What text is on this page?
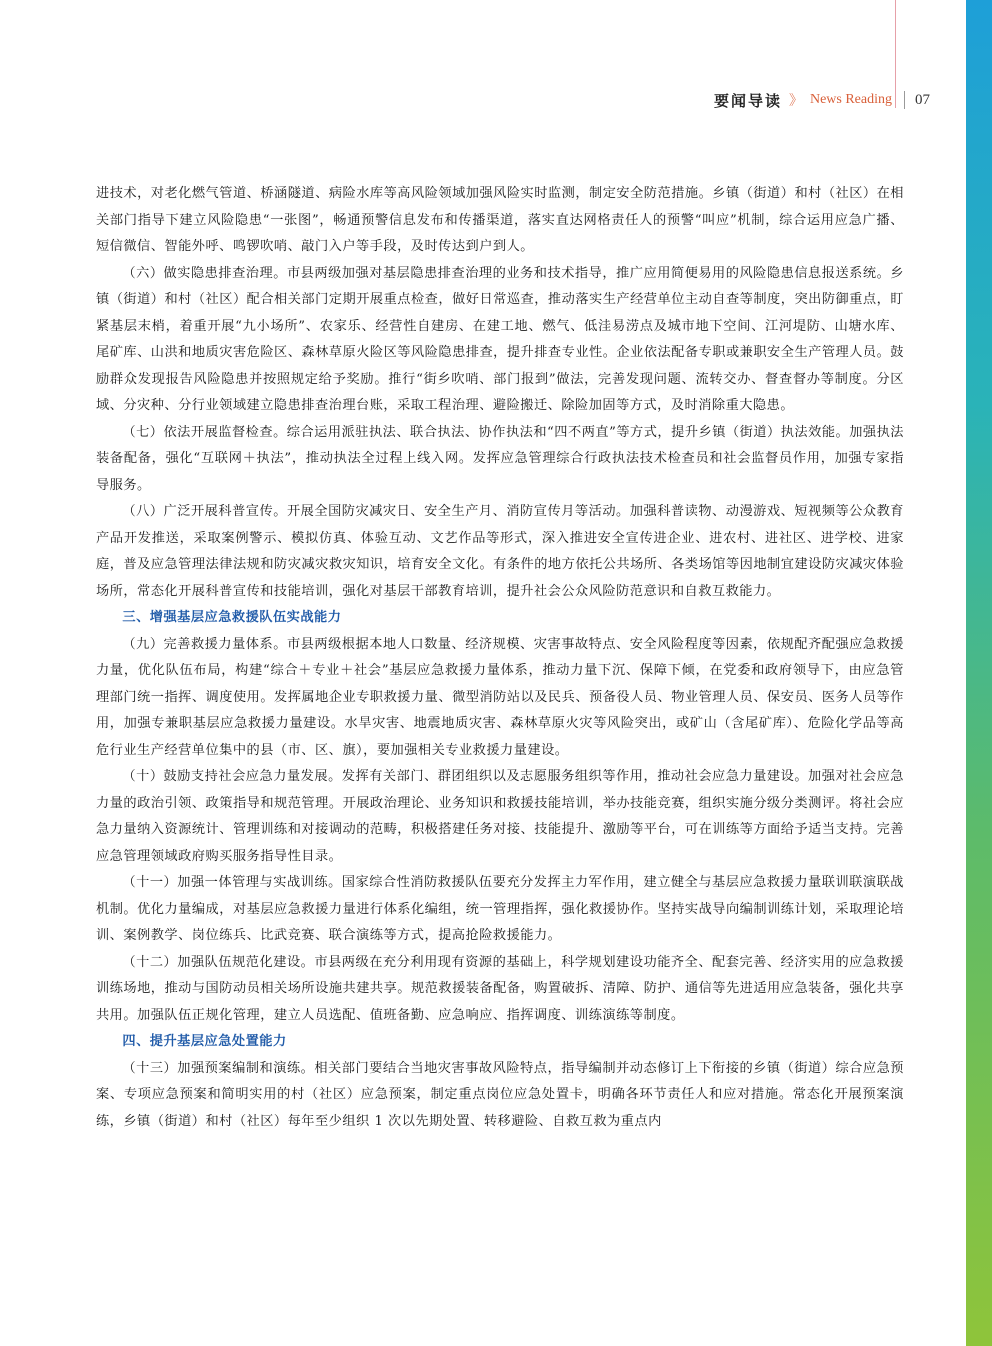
要闻导读 》 News Reading 07

进技术，对老化燃气管道、桥涵隧道、病险水库等高风险领域加强风险实时监测，制定安全防范措施。乡镇（街道）和村（社区）在相关部门指导下建立风险隐患“一张图”，畅通预警信息发布和传播渠道，落实直达网格责任人的预警“叫应”机制，综合运用应急广播、短信微信、智能外呼、鸣锣吹哨、敲门入户等手段，及时传达到户到人。

（六）做实隐患排查治理。市县两级加强对基层隐患排查治理的业务和技术指导，推广应用简便易用的风险隐患信息报送系统。乡镇（街道）和村（社区）配合相关部门定期开展重点检查，做好日常巡查，推动落实生产经营单位主动自查等制度，突出防御重点，盯紧基层末梢，着重开展“九小场所”、农家乐、经营性自建房、在建工地、燃气、低洼易涝点及城市地下空间、江河堤防、山塘水库、尾矿库、山洪和地质灾害危险区、森林草原火险区等风险隐患排查，提升排查专业性。企业依法配备专职或兼职安全生产管理人员。鼓励群众发现报告风险隐患并按照规定给予奖励。推行“街乡吹哨、部门报到”做法，完善发现问题、流转交办、督查督办等制度。分区域、分灾种、分行业领域建立隐患排查治理台账，采取工程治理、避险搬迁、除险加固等方式，及时消除重大隐患。

（七）依法开展监督检查。综合运用派驻执法、联合执法、协作执法和“四不两直”等方式，提升乡镇（街道）执法效能。加强执法装备配备，强化“互联网＋执法”，推动执法全过程上线入网。发挥应急管理综合行政执法技术检查员和社会监督员作用，加强专家指导服务。

（八）广泛开展科普宣传。开展全国防灾减灾日、安全生产月、消防宣传月等活动。加强科普读物、动漫游戏、短视频等公众教育产品开发推送，采取案例警示、模拟仿真、体验互动、文艺作品等形式，深入推进安全宣传进企业、进农村、进社区、进学校、进家庭，普及应急管理法律法规和防灾减灾救灾知识，培育安全文化。有条件的地方依托公共场所、各类场馆等因地制宜建设防灾减灾体验场所，常态化开展科普宣传和技能培训，强化对基层干部教育培训，提升社会公众风险防范意识和自救互救能力。

三、增强基层应急救援队伍实战能力

（九）完善救援力量体系。市县两级根据本地人口数量、经济规模、灾害事故特点、安全风险程度等因素，依规配齐配强应急救援力量，优化队伍布局，构建“综合＋专业＋社会”基层应急救援力量体系，推动力量下沉、保障下倾，在党委和政府领导下，由应急管理部门统一指挥、调度使用。发挥属地企业专职救援力量、微型消防站以及民兵、预备役人员、物业管理人员、保安员、医务人员等作用，加强专兼职基层应急救援力量建设。水旱灾害、地震地质灾害、森林草原火灾等风险突出，或矿山（含尾矿库）、危险化学品等高危行业生产经营单位集中的县（市、区、旗），要加强相关专业救援力量建设。

（十）鼓励支持社会应急力量发展。发挥有关部门、群团组织以及志愿服务组织等作用，推动社会应急力量建设。加强对社会应急力量的政治引领、政策指导和规范管理。开展政治理论、业务知识和救援技能培训，举办技能竞赛，组织实施分级分类测评。将社会应急力量纳入资源统计、管理训练和对接调动的范畴，积极搭建任务对接、技能提升、激励等平台，可在训练等方面给予适当支持。完善应急管理领域政府购买服务指导性目录。

（十一）加强一体管理与实战训练。国家综合性消防救援队伍要充分发挥主力军作用，建立健全与基层应急救援力量联训联演联战机制。优化力量编成，对基层应急救援力量进行体系化编组，统一管理指挥，强化救援协作。坚持实战导向编制训练计划，采取理论培训、案例教学、岗位练兵、比武竞赛、联合演练等方式，提高抢险救援能力。

（十二）加强队伍规范化建设。市县两级在充分利用现有资源的基础上，科学规划建设功能齐全、配套完善、经济实用的应急救援训练场地，推动与国防动员相关场所设施共建共享。规范救援装备配备，购置破拆、清障、防护、通信等先进适用应急装备，强化共享共用。加强队伍正规化管理，建立人员选配、值班备勤、应急响应、指挥调度、训练演练等制度。

四、提升基层应急处置能力

（十三）加强预案编制和演练。相关部门要结合当地灾害事故风险特点，指导编制并动态修订上下衔接的乡镇（街道）综合应急预案、专项应急预案和简明实用的村（社区）应急预案，制定重点岗位应急处置卡，明确各环节责任人和应对措施。常态化开展预案演练，乡镇（街道）和村（社区）每年至少组织 1 次以先期处置、转移避险、自救互救为重点内
